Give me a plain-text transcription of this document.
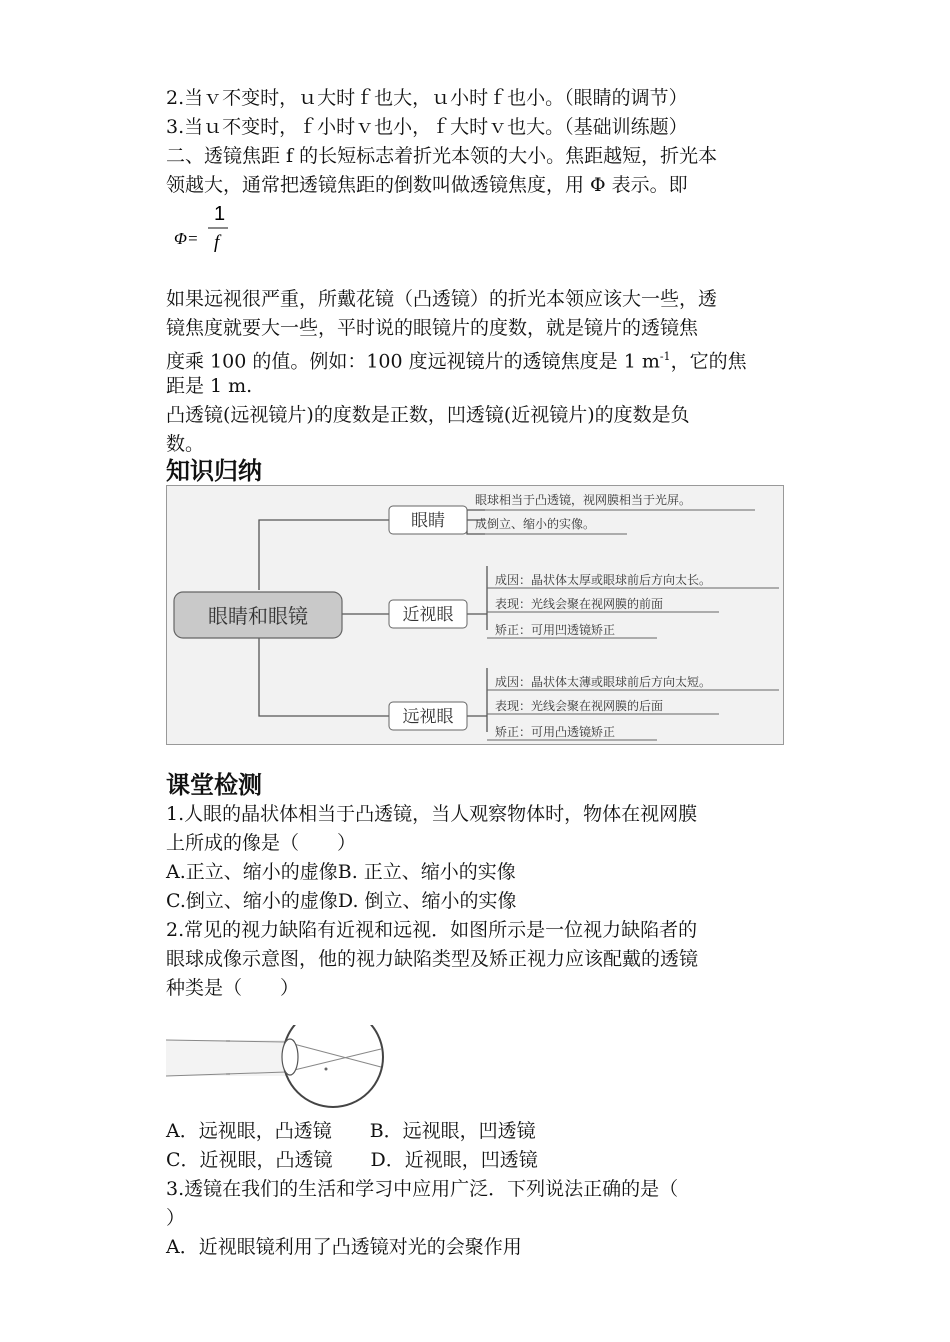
2.当ｖ不变时，ｕ大时ｆ也大，ｕ小时ｆ也小。（眼睛的调节）
3.当ｕ不变时，ｆ小时ｖ也小，ｆ大时ｖ也大。（基础训练题）
二、透镜焦距 f 的长短标志着折光本领的大小。焦距越短，折光本
领越大，通常把透镜焦距的倒数叫做透镜焦度，用 Φ 表示。即
Φ=
1
f
如果远视很严重，所戴花镜（凸透镜）的折光本领应该大一些，透
镜焦度就要大一些，平时说的眼镜片的度数，就是镜片的透镜焦
度乘 100 的值。例如：100 度远视镜片的透镜焦度是 1 $m^{-1}$，它的焦
距是 1 m.
凸透镜(远视镜片)的度数是正数，凹透镜(近视镜片)的度数是负
数。
知识归纳
眼睛和眼镜
眼睛
眼球相当于凸透镜，视网膜相当于光屏。
成倒立、缩小的实像。
近视眼
成因：晶状体太厚或眼球前后方向太长。
表现：光线会聚在视网膜的前面
矫正：可用凹透镜矫正
远视眼
成因：晶状体太薄或眼球前后方向太短。
表现：光线会聚在视网膜的后面
矫正：可用凸透镜矫正
课堂检测
1.人眼的晶状体相当于凸透镜，当人观察物体时，物体在视网膜
上所成的像是（　　）
A.正立、缩小的虚像B. 正立、缩小的实像
C.倒立、缩小的虚像D. 倒立、缩小的实像
2.常见的视力缺陷有近视和远视．如图所示是一位视力缺陷者的
眼球成像示意图，他的视力缺陷类型及矫正视力应该配戴的透镜
种类是（　　）
A．远视眼，凸透镜　　B．远视眼，凹透镜
C．近视眼，凸透镜　　D．近视眼，凹透镜
3.透镜在我们的生活和学习中应用广泛．下列说法正确的是（
）
A．近视眼镜利用了凸透镜对光的会聚作用
